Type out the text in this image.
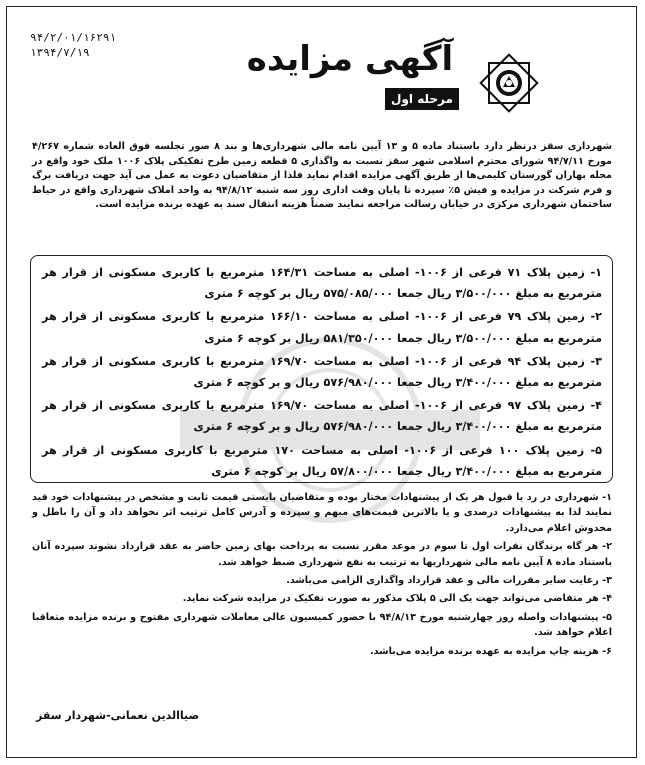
۹۴/۲/۰۱/۱۶۲۹۱
۱۳۹۴/۷/۱۹	آگهی مزایده
مرحله اول
شهرداری سقز درنظر دارد باستناد ماده ۵ و ۱۳ آیین نامه مالی شهرداری‌ها و بند ۸ صور تجلسه فوق العاده شماره ۴/۲۶۷ مورخ ۹۴/۷/۱۱ شورای محترم اسلامی شهر سقز نسبت به واگذاری ۵ قطعه زمین طرح تفکیکی پلاک ۱۰۰۶ ملک خود واقع در محله بهاران گورستان کلیمی‌ها از طریق آگهی مزایده اقدام نماید فلذا از متقاضیان دعوت به عمل می آید جهت دریافت برگ و فرم شرکت در مزایده و فیش ۵٪ سپرده تا پایان وقت اداری روز سه شنبه ۹۴/۸/۱۲ به واحد املاک شهرداری واقع در حیاط ساختمان شهرداری مرکزی در خیابان رسالت مراجعه نمایند ضمناً هزینه انتقال سند به عهده برنده مزایده است.

۱- زمین پلاک ۷۱ فرعی از ۱۰۰۶- اصلی به مساحت ۱۶۴/۳۱ مترمربع با کاربری مسکونی از قرار هر مترمربع به مبلغ ۳/۵۰۰/۰۰۰ ریال جمعا ۵۷۵/۰۸۵/۰۰۰ ریال بر کوچه ۶ متری

۲- زمین پلاک ۷۹ فرعی از ۱۰۰۶- اصلی به مساحت ۱۶۶/۱۰ مترمربع با کاربری مسکونی از قرار هر مترمربع به مبلغ ۳/۵۰۰/۰۰۰ ریال جمعا ۵۸۱/۳۵۰/۰۰۰ ریال بر کوچه ۶ متری

۳- زمین پلاک ۹۴ فرعی از ۱۰۰۶- اصلی به مساحت ۱۶۹/۷۰ مترمربع با کاربری مسکونی از قرار هر مترمربع به مبلغ ۳/۴۰۰/۰۰۰ ریال جمعا ۵۷۶/۹۸۰/۰۰۰ ریال و بر کوچه ۶ متری

۴- زمین پلاک ۹۷ فرعی از ۱۰۰۶- اصلی به مساحت ۱۶۹/۷۰ مترمربع با کاربری مسکونی از قرار هر مترمربع به مبلغ ۳/۴۰۰/۰۰۰ ریال جمعا ۵۷۶/۹۸۰/۰۰۰ ریال و بر کوچه ۶ متری

۵- زمین پلاک ۱۰۰ فرعی از ۱۰۰۶- اصلی به مساحت ۱۷۰ مترمربع با کاربری مسکونی از قرار هر مترمربع به مبلغ ۳/۴۰۰/۰۰۰ ریال جمعا ۵۷/۸۰۰/۰۰۰ ریال بر کوچه ۶ متری

۱- شهرداری در رد یا قبول هر یک از پیشنهادات مختار بوده و متقاضیان بایستی قیمت ثابت و مشخص در پیشنهادات خود قید نمایند لذا به پیشنهادات درصدی و یا بالاترین قیمت‌های مبهم و سپرده و آدرس کامل ترتیب اثر نخواهد داد و آن را باطل و مخدوش اعلام می‌دارد.

۲- هر گاه برندگان نفرات اول تا سوم در موعد مقرر نسبت به پرداخت بهای زمین حاضر به عقد قرارداد نشوند سپرده آنان باستناد ماده ۸ آیین نامه مالی شهرداریها به ترتیب به نفع شهرداری ضبط خواهد شد.

۳- رعایت سایر مقررات مالی و عقد قرارداد واگذاری الزامی می‌باشد.

۴- هر متقاضی می‌تواند جهت یک الی ۵ پلاک مذکور به صورت تفکیک در مزایده شرکت نماید.

۵- پیشنهادات واصله روز چهارشنبه مورخ ۹۴/۸/۱۳ با حضور کمیسیون عالی معاملات شهرداری مفتوح و برنده مزایده متعاقبا اعلام خواهد شد.

۶- هزینه چاپ مزایده به عهده برنده مزایده می‌باشد.

ضیاالدین نعمانی-شهردار سقز
